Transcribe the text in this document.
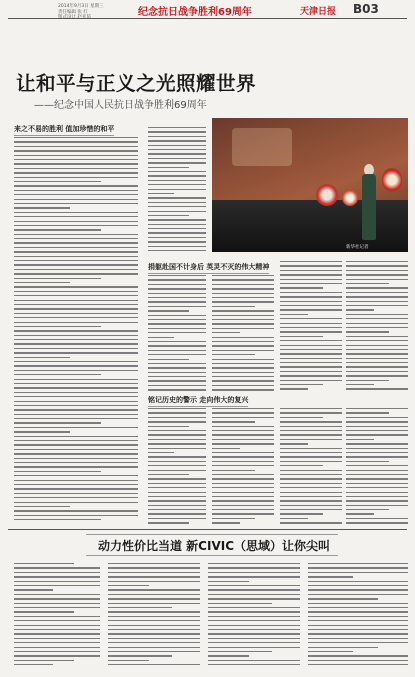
2014年9月3日 星期三
责任编辑 张 红
版式设计 赵亚茹	纪念抗日战争胜利69周年	天津日报 B03
让和平与正义之光照耀世界
——纪念中国人民抗日战争胜利69周年
来之不易的胜利 值加珍惜的和平
捐躯赴国不计身后 英灵不灭的伟大精神
铭记历史的警示 走向伟大的复兴
新华社记者
动力性价比当道 新CIVIC（思域）让你尖叫
